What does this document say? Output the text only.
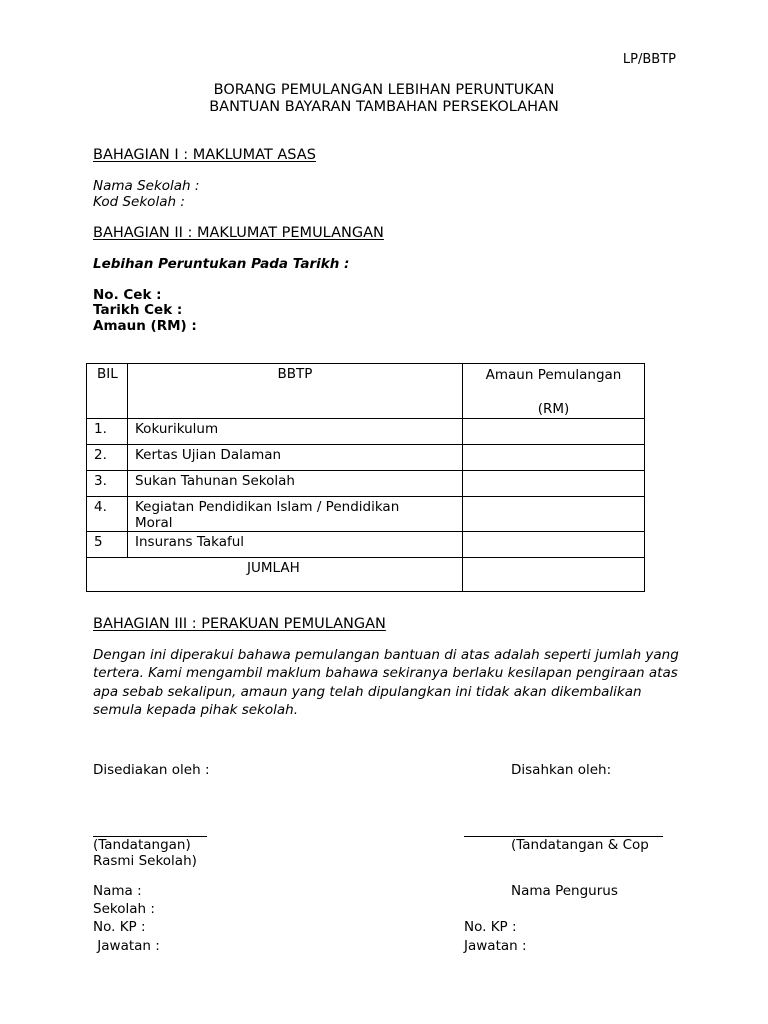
LP/BBTP
BORANG PEMULANGAN LEBIHAN PERUNTUKAN
BANTUAN BAYARAN TAMBAHAN PERSEKOLAHAN
BAHAGIAN I : MAKLUMAT ASAS
Nama Sekolah :
Kod Sekolah :
BAHAGIAN II : MAKLUMAT PEMULANGAN
Lebihan Peruntukan Pada Tarikh :
No. Cek :
Tarikh Cek :
Amaun (RM) :
BIL	BBTP	Amaun Pemulangan
(RM)

1.	Kokurikulum	

2.	Kertas Ujian Dalaman	

3.	Sukan Tahunan Sekolah	

4.	Kegiatan Pendidikan Islam / Pendidikan Moral	

5	Insurans Takaful	

JUMLAH		

BAHAGIAN III : PERAKUAN PEMULANGAN
Dengan ini diperakui bahawa pemulangan bantuan di atas adalah seperti jumlah yang tertera. Kami mengambil maklum bahawa sekiranya berlaku kesilapan pengiraan atas apa sebab sekalipun, amaun yang telah dipulangkan ini tidak akan dikembalikan semula kepada pihak sekolah.
Disediakan oleh :	Disahkan oleh:
(Tandatangan)
Rasmi Sekolah)
(Tandatangan & Cop
Nama :	Nama Pengurus
Sekolah :
No. KP :	No. KP :
Jawatan :	Jawatan :
